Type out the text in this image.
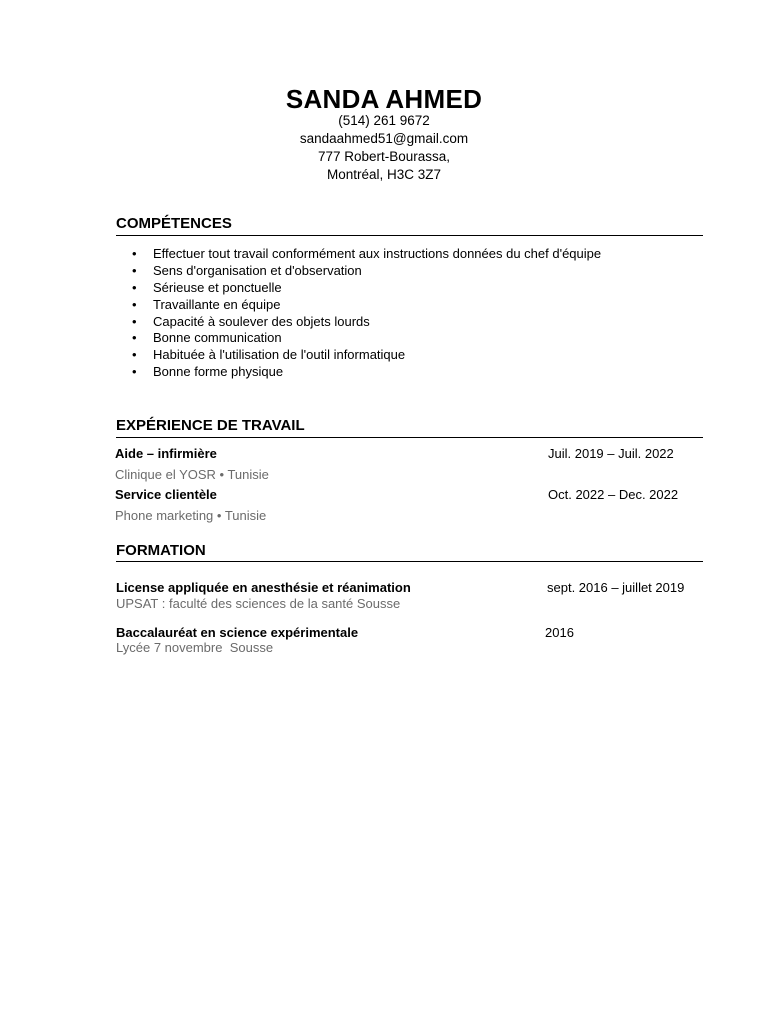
SANDA AHMED
(514) 261 9672
sandaahmed51@gmail.com
777 Robert-Bourassa,
Montréal, H3C 3Z7
COMPÉTENCES
• Effectuer tout travail conformément aux instructions données du chef d'équipe
• Sens d'organisation et d'observation
• Sérieuse et ponctuelle
• Travaillante en équipe
• Capacité à soulever des objets lourds
• Bonne communication
• Habituée à l'utilisation de l'outil informatique
• Bonne forme physique
EXPÉRIENCE DE TRAVAIL
Aide – infirmière	Juil. 2019 – Juil. 2022
Clinique el YOSR • Tunisie
Service clientèle	Oct. 2022 – Dec. 2022
Phone marketing • Tunisie
FORMATION
License appliquée en anesthésie et réanimation	sept. 2016 – juillet 2019
UPSAT : faculté des sciences de la santé Sousse
Baccalauréat en science expérimentale	2016
Lycée 7 novembre  Sousse
